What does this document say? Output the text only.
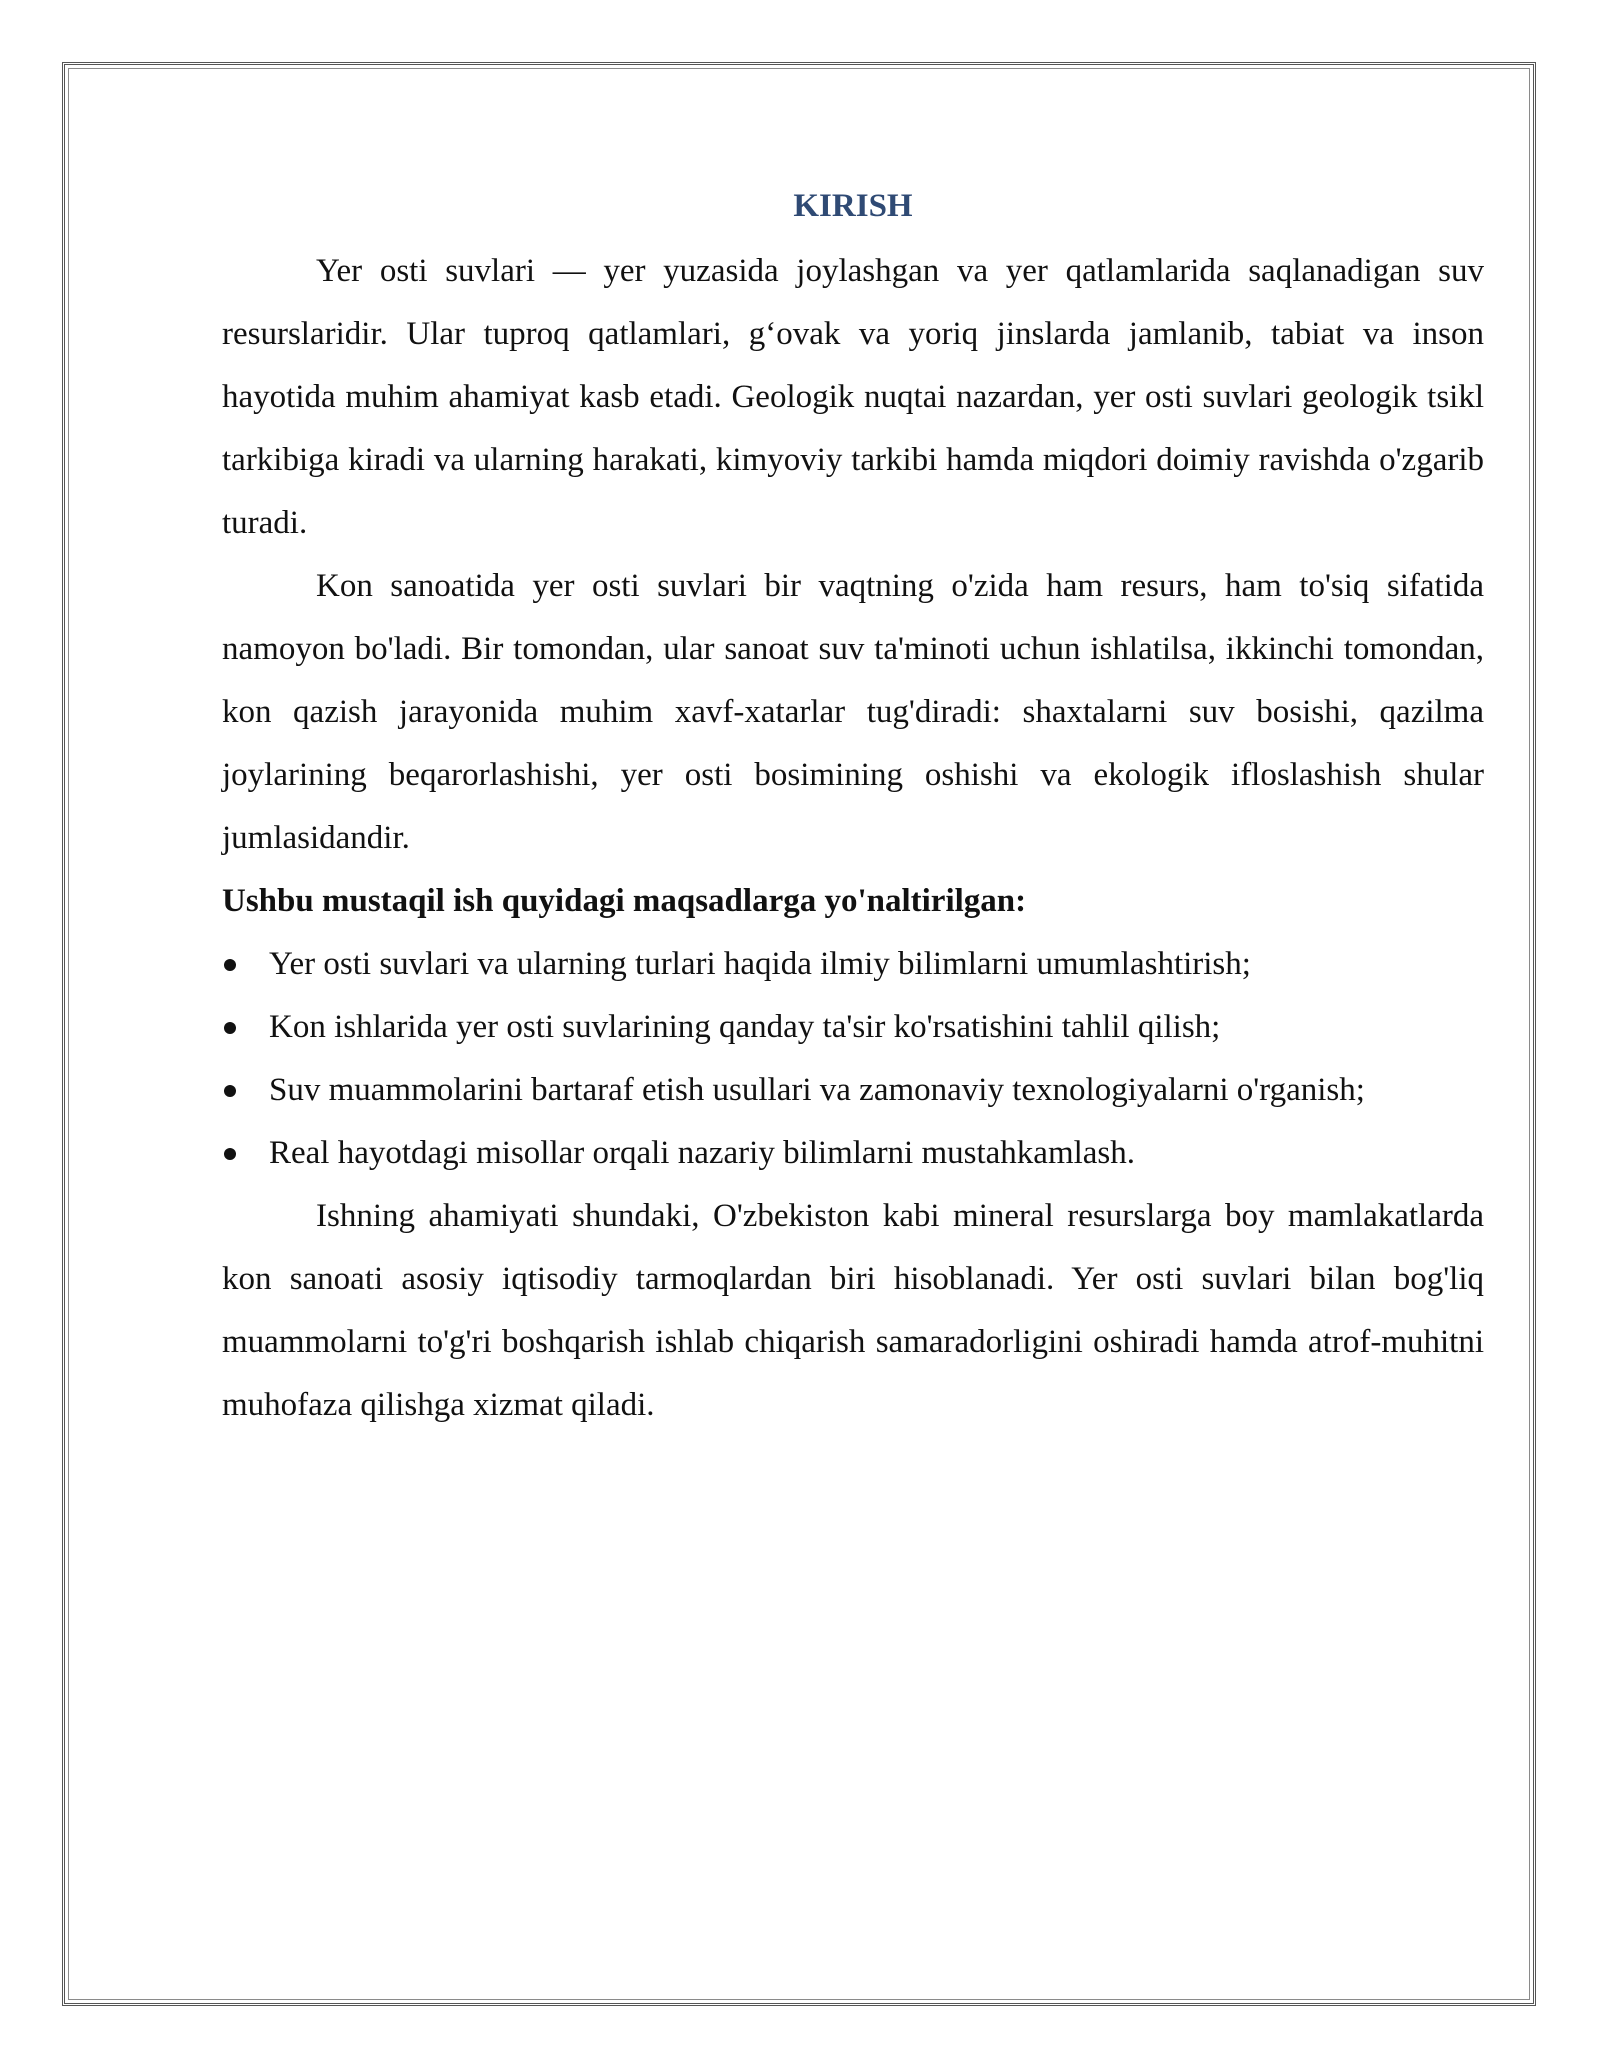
KIRISH

Yer osti suvlari — yer yuzasida joylashgan va yer qatlamlarida saqlanadigan suv resurslaridir. Ular tuproq qatlamlari, g‘ovak va yoriq jinslarda jamlanib, tabiat va inson hayotida muhim ahamiyat kasb etadi. Geologik nuqtai nazardan, yer osti suvlari geologik tsikl tarkibiga kiradi va ularning harakati, kimyoviy tarkibi hamda miqdori doimiy ravishda o'zgarib turadi.

Kon sanoatida yer osti suvlari bir vaqtning o'zida ham resurs, ham to'siq sifatida namoyon bo'ladi. Bir tomondan, ular sanoat suv ta'minoti uchun ishlatilsa, ikkinchi tomondan, kon qazish jarayonida muhim xavf-xatarlar tug'diradi: shaxtalarni suv bosishi, qazilma joylarining beqarorlashishi, yer osti bosimining oshishi va ekologik ifloslashish shular jumlasidandir.

Ushbu mustaqil ish quyidagi maqsadlarga yo'naltirilgan:

Yer osti suvlari va ularning turlari haqida ilmiy bilimlarni umumlashtirish;
Kon ishlarida yer osti suvlarining qanday ta'sir ko'rsatishini tahlil qilish;
Suv muammolarini bartaraf etish usullari va zamonaviy texnologiyalarni o'rganish;
Real hayotdagi misollar orqali nazariy bilimlarni mustahkamlash.

Ishning ahamiyati shundaki, O'zbekiston kabi mineral resurslarga boy mamlakatlarda kon sanoati asosiy iqtisodiy tarmoqlardan biri hisoblanadi. Yer osti suvlari bilan bog'liq muammolarni to'g'ri boshqarish ishlab chiqarish samaradorligini oshiradi hamda atrof-muhitni muhofaza qilishga xizmat qiladi.
